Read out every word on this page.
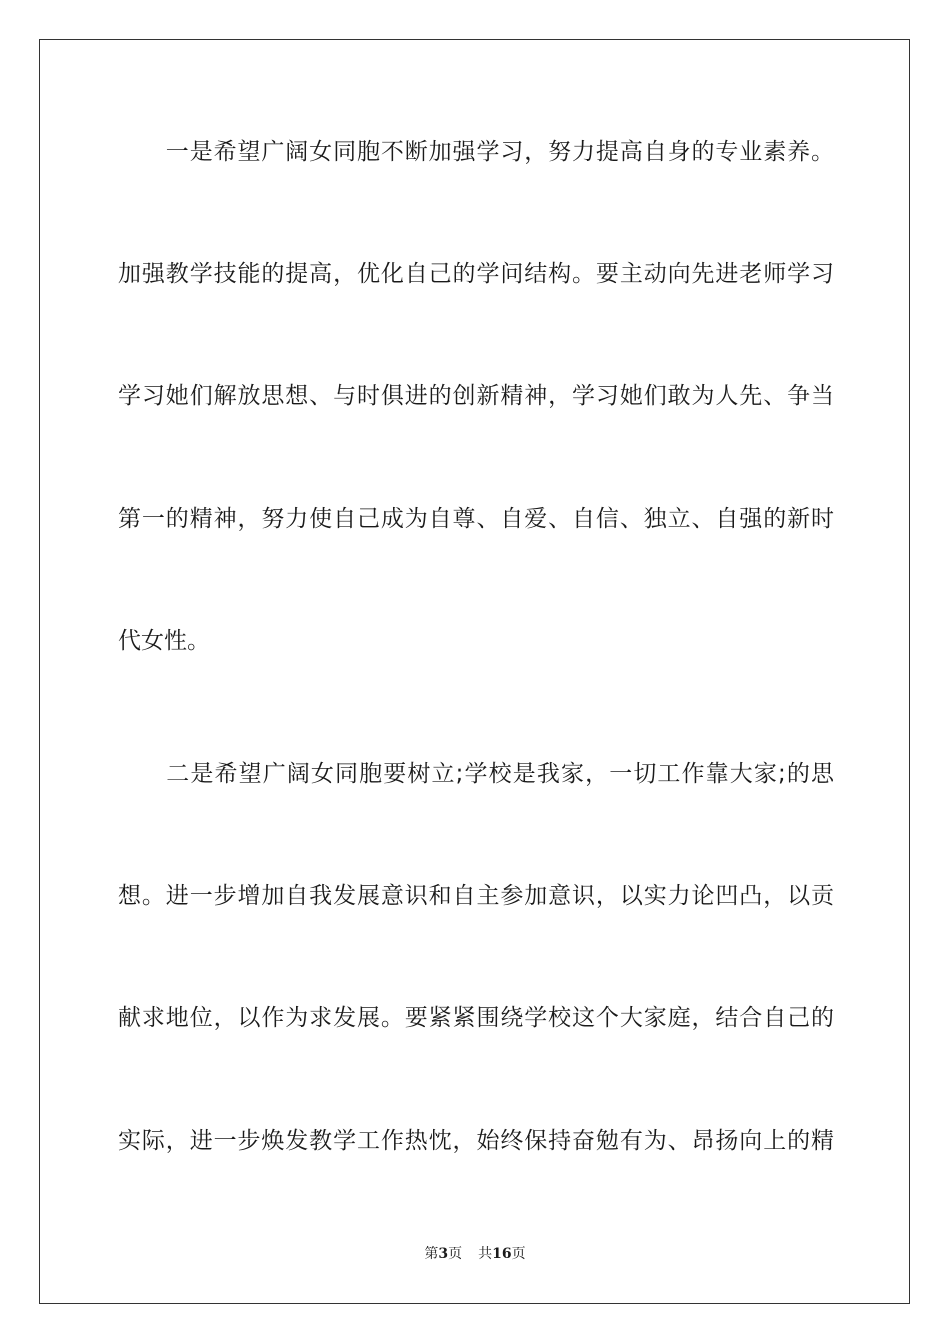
　　一是希望广阔女同胞不断加强学习，努力提高自身的专业素养。
加强教学技能的提高，优化自己的学问结构。要主动向先进老师学习
学习她们解放思想、与时俱进的创新精神，学习她们敢为人先、争当
第一的精神，努力使自己成为自尊、自爱、自信、独立、自强的新时
代女性。
　　二是希望广阔女同胞要树立;学校是我家，一切工作靠大家;的思
想。进一步增加自我发展意识和自主参加意识，以实力论凹凸，以贡
献求地位，以作为求发展。要紧紧围绕学校这个大家庭，结合自己的
实际，进一步焕发教学工作热忱，始终保持奋勉有为、昂扬向上的精
第3页 共16页
